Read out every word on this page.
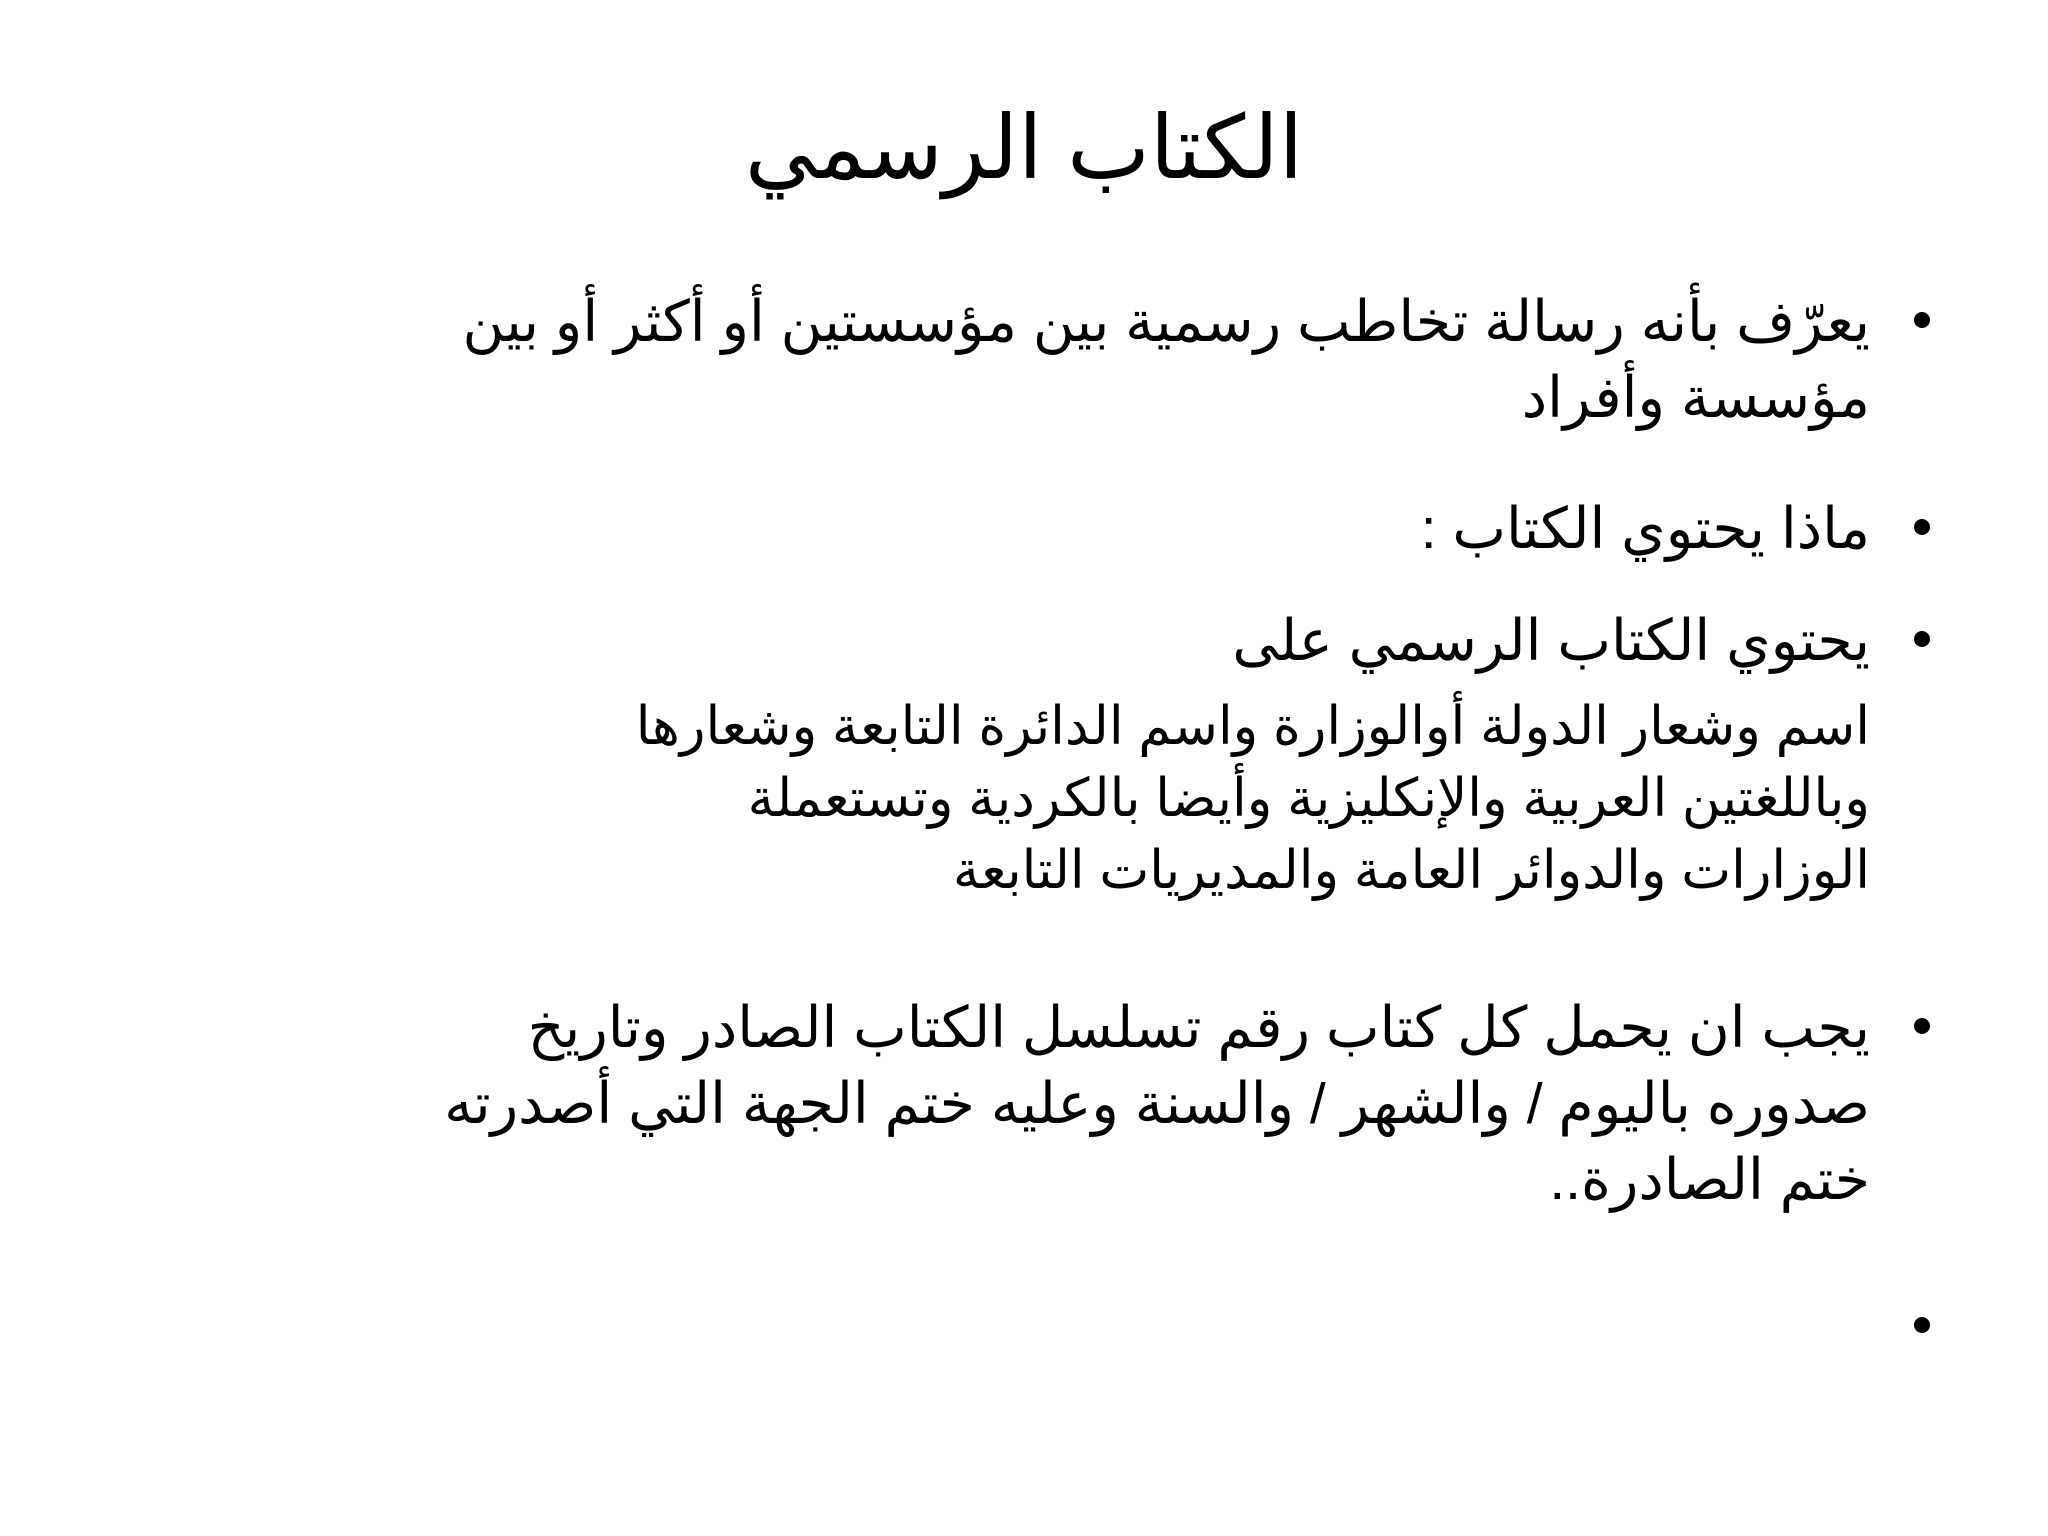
الكتاب الرسمي
يعرّف بأنه رسالة تخاطب رسمية بين مؤسستين أو أكثر أو بين
مؤسسة وأفراد
ماذا يحتوي الكتاب :
يحتوي الكتاب الرسمي على
اسم وشعار الدولة أوالوزارة واسم الدائرة التابعة وشعارها
وباللغتين العربية والإنكليزية وأيضا بالكردية وتستعملة
الوزارات والدوائر العامة والمديريات التابعة
يجب ان يحمل كل كتاب رقم تسلسل الكتاب الصادر وتاريخ
صدوره باليوم / والشهر / والسنة وعليه ختم الجهة التي أصدرته
ختم الصادرة..
